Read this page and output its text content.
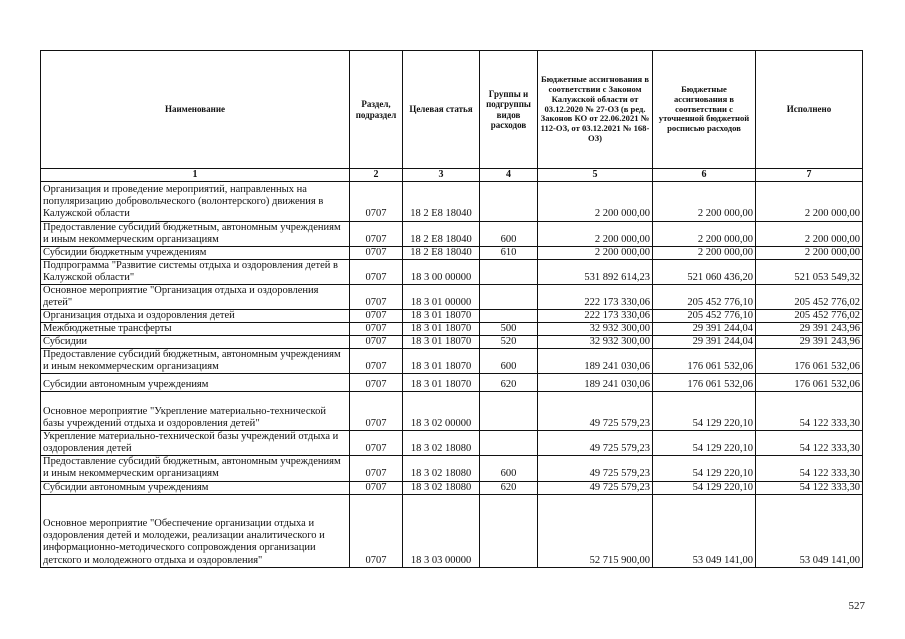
Наименование	Раздел, подраздел	Целевая статья	Группы и подгруппы видов расходов	Бюджетные ассигнования в соответствии с Законом Калужской области от 03.12.2020 № 27-ОЗ (в ред. Законов КО от 22.06.2021 № 112-ОЗ, от 03.12.2021 № 168-ОЗ)	Бюджетные ассигнования в соответствии с уточненной бюджетной росписью расходов	Исполнено
1	2	3	4	5	6	7
Организация и проведение мероприятий, направленных на популяризацию добровольческого (волонтерского) движения в Калужской области	0707	18 2 E8 18040		2 200 000,00	2 200 000,00	2 200 000,00
Предоставление субсидий бюджетным, автономным учреждениям и иным некоммерческим организациям	0707	18 2 E8 18040	600	2 200 000,00	2 200 000,00	2 200 000,00
Субсидии бюджетным учреждениям	0707	18 2 E8 18040	610	2 200 000,00	2 200 000,00	2 200 000,00
Подпрограмма "Развитие системы отдыха и оздоровления детей в Калужской области"	0707	18 3 00 00000		531 892 614,23	521 060 436,20	521 053 549,32
Основное мероприятие "Организация отдыха и оздоровления детей"	0707	18 3 01 00000		222 173 330,06	205 452 776,10	205 452 776,02
Организация отдыха и оздоровления детей	0707	18 3 01 18070		222 173 330,06	205 452 776,10	205 452 776,02
Межбюджетные трансферты	0707	18 3 01 18070	500	32 932 300,00	29 391 244,04	29 391 243,96
Субсидии	0707	18 3 01 18070	520	32 932 300,00	29 391 244,04	29 391 243,96
Предоставление субсидий бюджетным, автономным учреждениям и иным некоммерческим организациям	0707	18 3 01 18070	600	189 241 030,06	176 061 532,06	176 061 532,06
Субсидии автономным учреждениям	0707	18 3 01 18070	620	189 241 030,06	176 061 532,06	176 061 532,06
Основное мероприятие "Укрепление материально-технической базы учреждений отдыха и оздоровления детей"	0707	18 3 02 00000		49 725 579,23	54 129 220,10	54 122 333,30
Укрепление материально-технической базы учреждений отдыха и оздоровления детей	0707	18 3 02 18080		49 725 579,23	54 129 220,10	54 122 333,30
Предоставление субсидий бюджетным, автономным учреждениям и иным некоммерческим организациям	0707	18 3 02 18080	600	49 725 579,23	54 129 220,10	54 122 333,30
Субсидии автономным учреждениям	0707	18 3 02 18080	620	49 725 579,23	54 129 220,10	54 122 333,30
Основное мероприятие "Обеспечение организации отдыха и оздоровления детей и молодежи, реализации аналитического и информационно-методического сопровождения организации детского и молодежного отдыха и оздоровления"	0707	18 3 03 00000		52 715 900,00	53 049 141,00	53 049 141,00
527
